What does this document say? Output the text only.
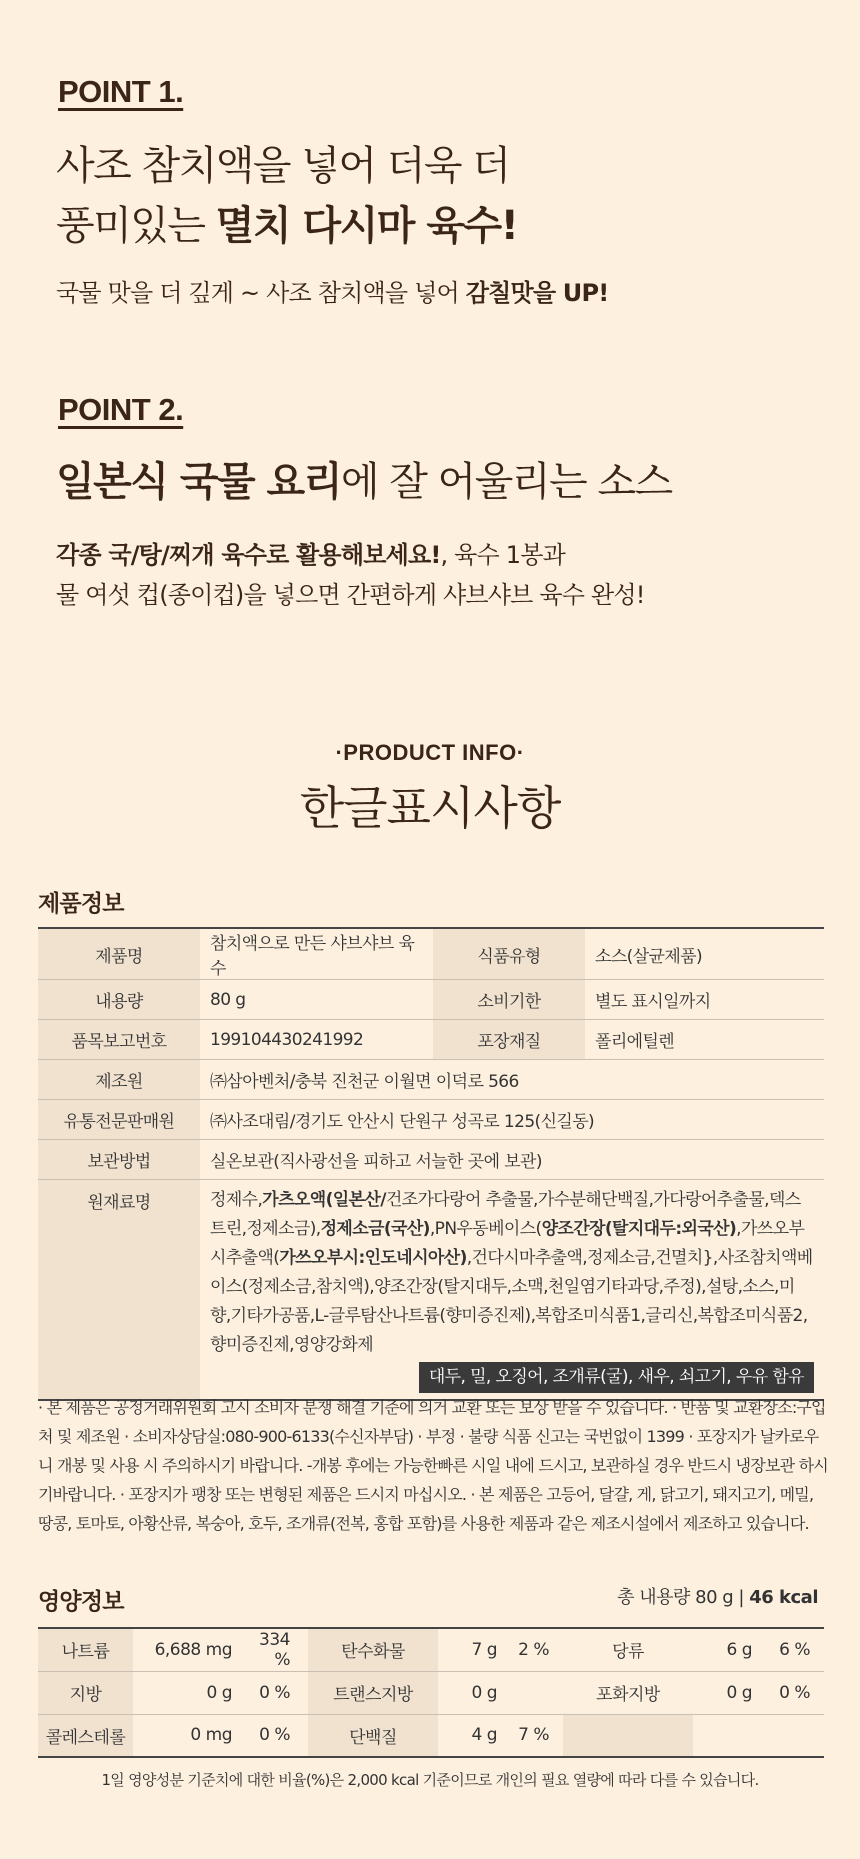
POINT 1.
사조 참치액을 넣어 더욱 더
풍미있는 멸치 다시마 육수!
국물 맛을 더 깊게 ~ 사조 참치액을 넣어 감칠맛을 UP!
POINT 2.
일본식 국물 요리에 잘 어울리는 소스
각종 국/탕/찌개 육수로 활용해보세요!, 육수 1봉과
물 여섯 컵(종이컵)을 넣으면 간편하게 샤브샤브 육수 완성!
·PRODUCT INFO·
한글표시사항
제품정보
제품명	참치액으로 만든 샤브샤브 육수	식품유형	소스(살균제품)
내용량	80 g	소비기한	별도 표시일까지
품목보고번호	199104430241992	포장재질	폴리에틸렌
제조원	㈜삼아벤처/충북 진천군 이월면 이덕로 566		
유통전문판매원	㈜사조대림/경기도 안산시 단원구 성곡로 125(신길동)		
보관방법	실온보관(직사광선을 피하고 서늘한 곳에 보관)		
원재료명	정제수,가츠오액(일본산/건조가다랑어 추출물,가수분해단백질,가다랑어추출물,덱스트린,정제소금),정제소금(국산),PN우동베이스(양조간장(탈지대두:외국산),가쓰오부시추출액(가쓰오부시:인도네시아산),건다시마추출액,정제소금,건멸치},사조참치액베이스(정제소금,참치액),양조간장(탈지대두,소맥,천일염기타과당,주정),설탕,소스,미향,기타가공품,L-글루탐산나트륨(향미증진제),복합조미식품1,글리신,복합조미식품2,향미증진제,영양강화제
대두, 밀, 오징어, 조개류(굴), 새우, 쇠고기, 우유 함유		
· 본 제품은 공정거래위원회 고시 소비자 분쟁 해결 기준에 의거 교환 또는 보상 받을 수 있습니다. · 반품 및 교환장소:구입처 및 제조원 · 소비자상담실:080-900-6133(수신자부담) · 부정 · 불량 식품 신고는 국번없이 1399 · 포장지가 날카로우니 개봉 및 사용 시 주의하시기 바랍니다. -개봉 후에는 가능한빠른 시일 내에 드시고, 보관하실 경우 반드시 냉장보관 하시기바랍니다. · 포장지가 팽창 또는 변형된 제품은 드시지 마십시오. · 본 제품은 고등어, 달걀, 게, 닭고기, 돼지고기, 메밀, 땅콩, 토마토, 아황산류, 복숭아, 호두, 조개류(전복, 홍합 포함)를 사용한 제품과 같은 제조시설에서 제조하고 있습니다.
영양정보	총 내용량 80 g | 46 kcal
나트륨	6,688 mg	334 %	탄수화물	7 g	2 %	당류	6 g	6 %
지방	0 g	0 %	트랜스지방	0 g		포화지방	0 g	0 %
콜레스테롤	0 mg	0 %	단백질	4 g	7 %			
1일 영양성분 기준치에 대한 비율(%)은 2,000 kcal 기준이므로 개인의 필요 열량에 따라 다를 수 있습니다.
